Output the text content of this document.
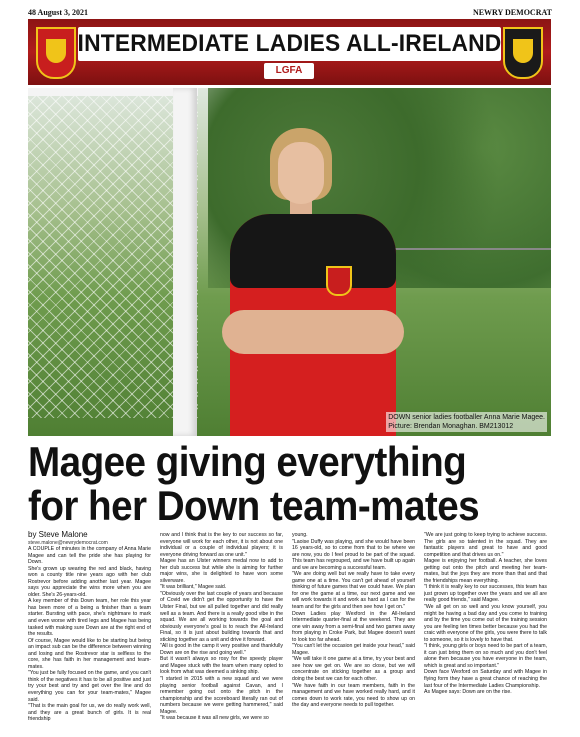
48 August 3, 2021	NEWRY DEMOCRAT
INTERMEDIATE LADIES ALL-IRELAND
LGFA
DOWN senior ladies footballer Anna Marie Magee.
Picture: Brendan Monaghan. BM213012
Magee giving everything
for her Down team-mates
by Steve Malone
steve.malone@newrydemocrat.com

A COUPLE of minutes in the company of Anna Marie Magee and can tell the pride she has playing for Down.

She's grown up wearing the red and black, having won a county title nine years ago with her club Rostrevor before adding another last year. Magee says you appreciate the wins more when you are older. She's 26-years-old.

A key member of this Down team, her role this year has been more of a being a finisher than a team starter. Bursting with pace, she's nightmare to mark and even worse with tired legs and Magee has being tasked with making sure Down are at the right end of the results.

Of course, Magee would like to be starting but being an impact sub can be the difference between winning and losing and the Rostrevor star is selfless to the core, she has faith in her management and team-mates.

"You just be fully focused on the game, and you can't think of the negatives it has to be all positive and just try your best and try and get over the line and do everything you can for your team-mates," Magee said.

"That is the main goal for us, we do really work well, and they are a great bunch of girls. It is real friendship

now and I think that is the key to our success so far, everyone will work for each other, it is not about one individual or a couple of individual players; it is everyone driving forward as one unit."

Magee has an Ulster winners medal now to add to her club success but while she is aiming for further major wins, she is delighted to have won some silverware.

"It was brilliant," Magee said.

"Obviously over the last couple of years and because of Covid we didn't get the opportunity to have the Ulster Final, but we all pulled together and did really well as a team. And there is a really good vibe in the squad. We are all working towards the goal and obviously everyone's goal is to reach the All-Ireland Final, so it is just about building towards that and sticking together as a unit and drive it forward.

"All is good in the camp it very positive and thankfully Down are on the rise and going well."

But it wasn't always so rosy for the speedy player and Magee stuck with the team when many opted to look from what was deemed a sinking ship.

"I started in 2015 with a new squad and we were playing senior football against Cavan, and I remember going out onto the pitch in the championship and the scoreboard literally ran out of numbers because we were getting hammered," said Magee.

"It was because it was all new girls, we were so

young.

"Laoise Duffy was playing, and she would have been 16 years-old, so to come from that to be where we are now, you do I feel proud to be part of the squad. This team has regrouped, and we have built up again and we are becoming a successful team.

"We are doing well but we really have to take every game one at a time. You can't get ahead of yourself thinking of future games that we could have. We plan for one the game at a time, our next game and we will work towards it and work as hard as I can for the team and for the girls and then see how I get on."

Down Ladies play Wexford in the All-Ireland Intermediate quarter-final at the weekend. They are one win away from a semi-final and two games away from playing in Croke Park, but Magee doesn't want to look too far ahead.

"You can't let the occasion get inside your head," said Magee.

"We will take it one game at a time, try your best and see how we get on. We are so close, but we will concentrate on sticking together as a group and doing the best we can for each other.

"We have faith in our team members, faith in the management and we have worked really hard, and it comes down to work rate, you need to show up on the day and everyone needs to pull together.

"We are just going to keep trying to achieve success. The girls are so talented in the squad. They are fantastic players and great to have and good competition and that drives us on."

Magee is enjoying her football. A teacher, she loves getting out onto the pitch and meeting her team-mates, but the joys they are more than that and that the friendships mean everything.

"I think it is really key to our successes, this team has just grown up together over the years and we all are really good friends," said Magee.

"We all get on so well and you know yourself, you might be having a bad day and you come to training and by the time you come out of the training session you are feeling ten times better because you had the craic with everyone of the girls, you were there to talk to someone, so it is lovely to have that.

"I think, young girls or boys need to be part of a team, it can just bring them on so much and you don't feel alone then because you have everyone in the team, which is great and so important."

Down face Wexford on Saturday and with Magee in flying form they have a great chance of reaching the last four of the Intermediate Ladies Championship.

As Magee says: Down are on the rise.
